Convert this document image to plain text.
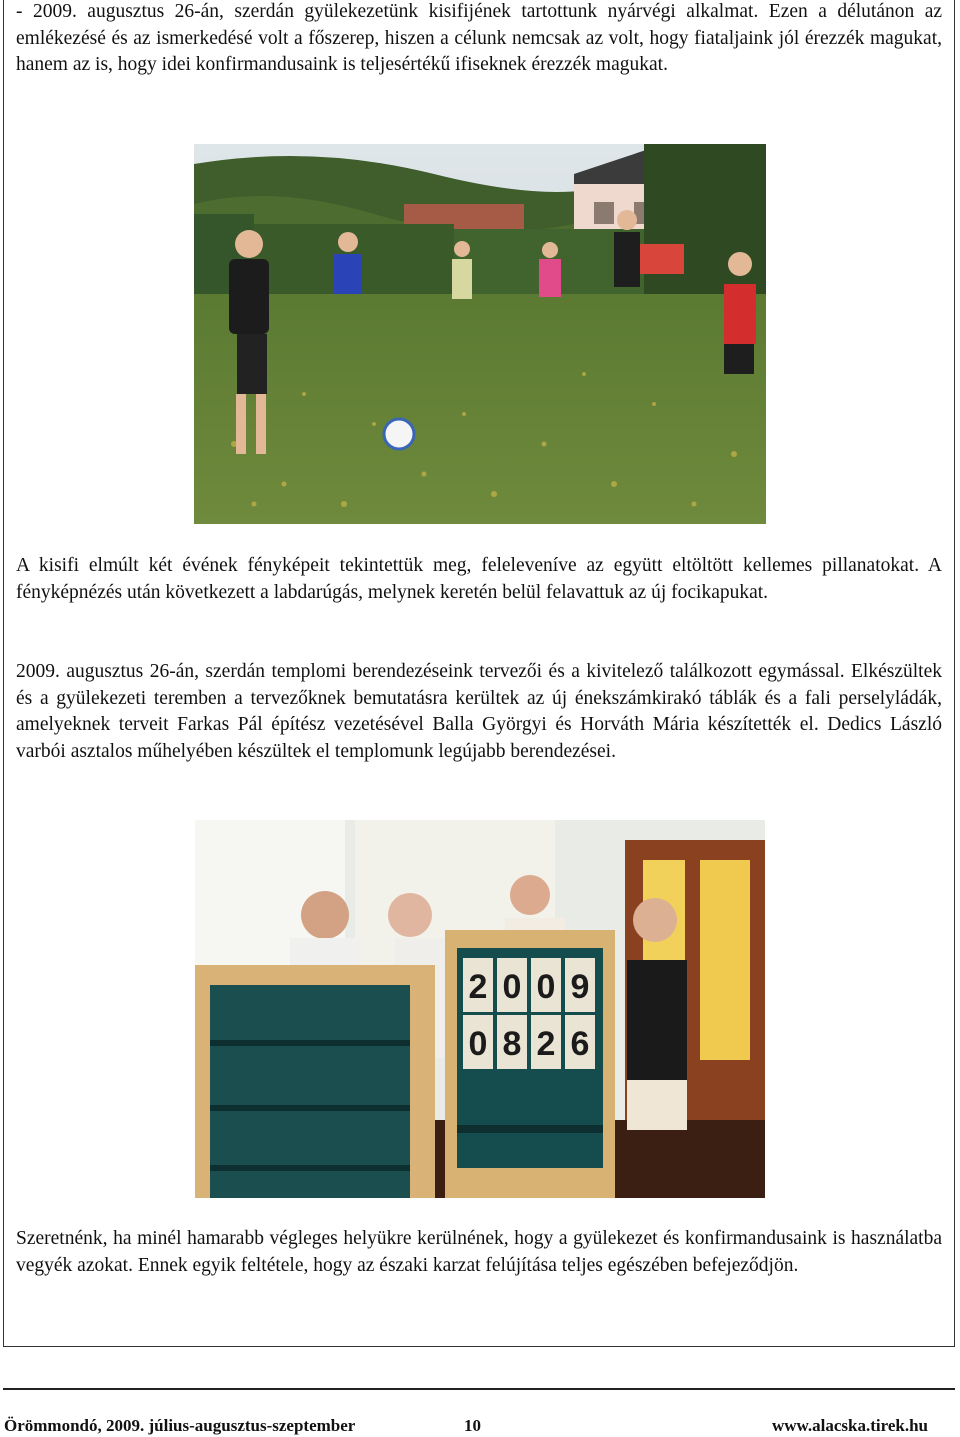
- 2009. augusztus 26-án, szerdán gyülekezetünk kisifijének tartottunk nyárvégi alkalmat. Ezen a délutánon az emlékezésé és az ismerkedésé volt a főszerep, hiszen a célunk nemcsak az volt, hogy fiataljaink jól érezzék magukat, hanem az is, hogy idei konfirmandusaink is teljesértékű ifiseknek érezzék magukat.

A kisifi elmúlt két évének fényképeit tekintettük meg, feleleveníve az együtt eltöltött kellemes pillanatokat. A fényképnézés után következett a labdarúgás, melynek keretén belül felavattuk az új focikapukat.

2009. augusztus 26-án, szerdán templomi berendezéseink tervezői és a kivitelező találkozott egymással. Elkészültek és a gyülekezeti teremben a tervezőknek bemutatásra kerültek az új énekszámkirakó táblák és a fali perselyládák, amelyeknek terveit Farkas Pál építész vezetésével Balla Györgyi és Horváth Mária készítették el. Dedics László varbói asztalos műhelyében készültek el templomunk legújabb berendezései.

2 0 0 9
0 8 2 6

Szeretnénk, ha minél hamarabb végleges helyükre kerülnének, hogy a gyülekezet és konfirmandusaink is használatba vegyék azokat. Ennek egyik feltétele, hogy az északi karzat felújítása teljes egészében befejeződjön.

Örömmondó, 2009. július-augusztus-szeptember	10	www.alacska.tirek.hu
